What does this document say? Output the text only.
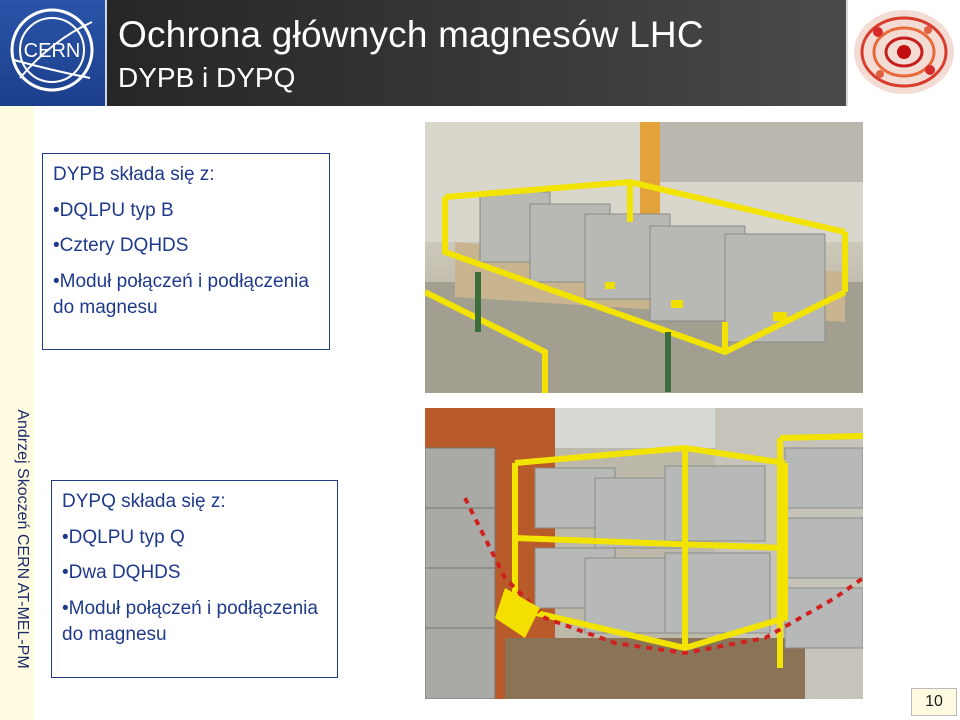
CERN Ochrona głównych magnesów LHC
DYPB i DYPQ
Andrzej Skoczeń CERN AT-MEL-PM
DYPB składa się z:
•DQLPU typ B
•Cztery DQHDS
•Moduł połączeń i podłączenia do magnesu
DYPQ składa się z:
•DQLPU typ Q
•Dwa DQHDS
•Moduł połączeń i podłączenia do magnesu
10
